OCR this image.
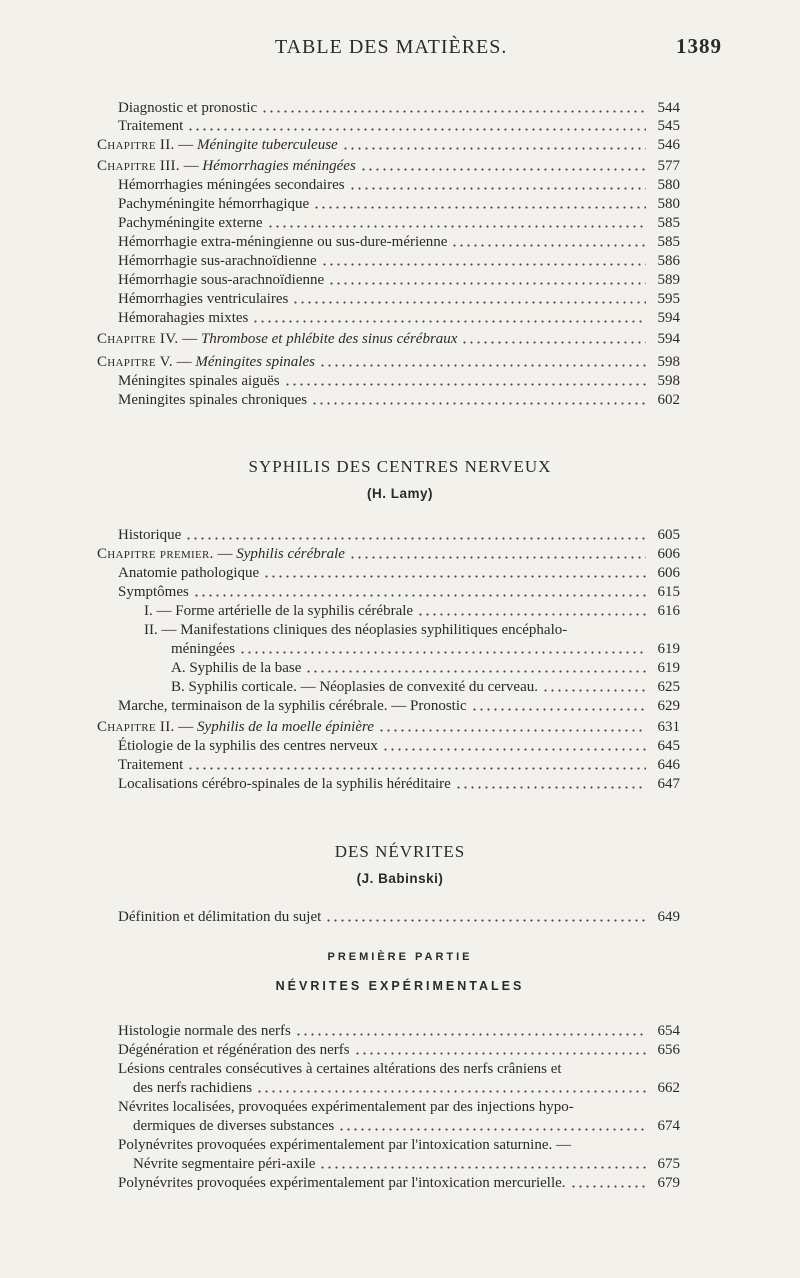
TABLE DES MATIÈRES.	1389
Diagnostic et pronostic	544
Traitement	545
Chapitre II. — Méningite tuberculeuse	546
Chapitre III. — Hémorrhagies méningées	577
Hémorrhagies méningées secondaires	580
Pachyméningite hémorrhagique	580
Pachyméningite externe	585
Hémorrhagie extra-méningienne ou sus-dure-mérienne	585
Hémorrhagie sus-arachnoïdienne	586
Hémorrhagie sous-arachnoïdienne	589
Hémorrhagies ventriculaires	595
Hémorahagies mixtes	594
Chapitre IV. — Thrombose et phlébite des sinus cérébraux	594
Chapitre V. — Méningites spinales	598
Méningites spinales aiguës	598
Meningites spinales chroniques	602
SYPHILIS DES CENTRES NERVEUX
(H. Lamy)
Historique	605
Chapitre premier. — Syphilis cérébrale	606
Anatomie pathologique	606
Symptômes	615
I. — Forme artérielle de la syphilis cérébrale	616
II. — Manifestations cliniques des néoplasies syphilitiques encéphalo-
méningées	619
A. Syphilis de la base	619
B. Syphilis corticale. — Néoplasies de convexité du cerveau.	625
Marche, terminaison de la syphilis cérébrale. — Pronostic	629
Chapitre II. — Syphilis de la moelle épinière	631
Étiologie de la syphilis des centres nerveux	645
Traitement	646
Localisations cérébro-spinales de la syphilis héréditaire	647
DES NÉVRITES
(J. Babinski)
Définition et délimitation du sujet	649
PREMIÈRE PARTIE
NÉVRITES EXPÉRIMENTALES
Histologie normale des nerfs	654
Dégénération et régénération des nerfs	656
Lésions centrales consécutives à certaines altérations des nerfs crâniens et
des nerfs rachidiens	662
Névrites localisées, provoquées expérimentalement par des injections hypo-
dermiques de diverses substances	674
Polynévrites provoquées expérimentalement par l'intoxication saturnine. —
Névrite segmentaire péri-axile	675
Polynévrites provoquées expérimentalement par l'intoxication mercurielle.	679
